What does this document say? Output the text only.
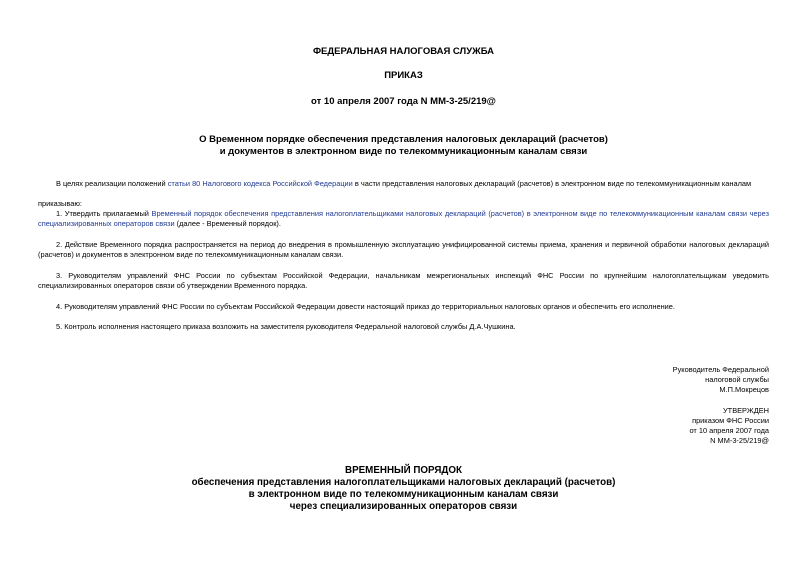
ФЕДЕРАЛЬНАЯ НАЛОГОВАЯ СЛУЖБА
ПРИКАЗ
от 10 апреля 2007 года N ММ-3-25/219@
О Временном порядке обеспечения представления налоговых деклараций (расчетов)
и документов в электронном виде по телекоммуникационным каналам связи
В целях реализации положений статьи 80 Налогового кодекса Российской Федерации в части представления налоговых деклараций (расчетов) в электронном виде по телекоммуникационным каналам
приказываю:
1. Утвердить прилагаемый Временный порядок обеспечения представления налогоплательщиками налоговых деклараций (расчетов) в электронном виде по телекоммуникационным каналам связи через специализированных операторов связи (далее - Временный порядок).
2. Действие Временного порядка распространяется на период до внедрения в промышленную эксплуатацию унифицированной системы приема, хранения и первичной обработки налоговых деклараций (расчетов) и документов в электронном виде по телекоммуникационным каналам связи.
3. Руководителям управлений ФНС России по субъектам Российской Федерации, начальникам межрегиональных инспекций ФНС России по крупнейшим налогоплательщикам уведомить специализированных операторов связи об утверждении Временного порядка.
4. Руководителям управлений ФНС России по субъектам Российской Федерации довести настоящий приказ до территориальных налоговых органов и обеспечить его исполнение.
5. Контроль исполнения настоящего приказа возложить на заместителя руководителя Федеральной налоговой службы Д.А.Чушкина.
Руководитель Федеральной
налоговой службы
М.П.Мокрецов
УТВЕРЖДЕН
приказом ФНС России
от 10 апреля 2007 года
N ММ-3-25/219@
ВРЕМЕННЫЙ ПОРЯДОК
обеспечения представления налогоплательщиками налоговых деклараций (расчетов)
в электронном виде по телекоммуникационным каналам связи
через специализированных операторов связи
